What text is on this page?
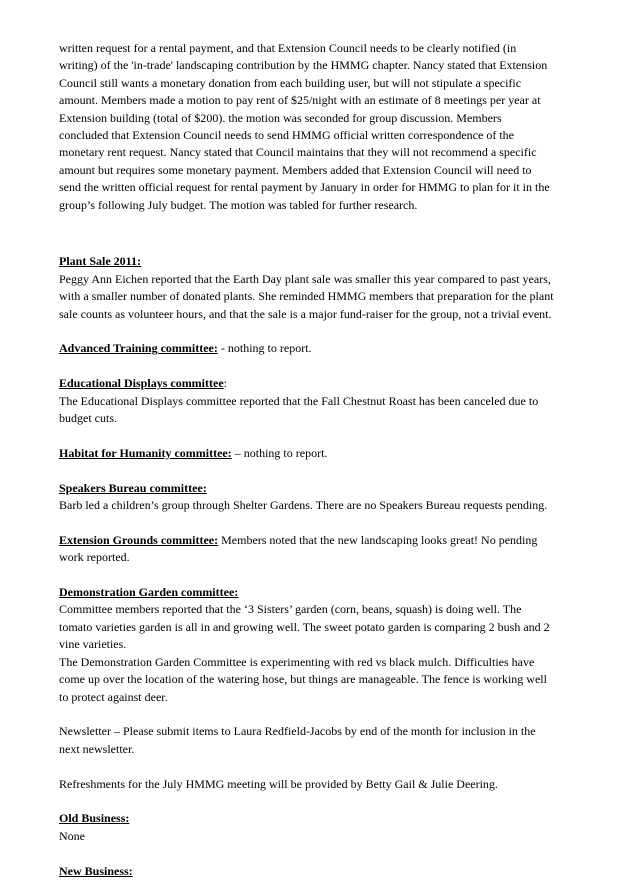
written request for a rental payment, and that Extension Council needs to be clearly notified (in

writing) of the 'in-trade' landscaping contribution by the HMMG chapter. Nancy stated that Extension

Council still wants a monetary donation from each building user, but will not stipulate a specific

amount. Members made a motion to pay rent of $25/night with an estimate of 8 meetings per year at

Extension building (total of $200). the motion was seconded for group discussion. Members

concluded that Extension Council needs to send HMMG official written correspondence of the

monetary rent request. Nancy stated that Council maintains that they will not recommend a specific

amount but requires some monetary payment. Members added that Extension Council will need to

send the written official request for rental payment by January in order for HMMG to plan for it in the

group’s following July budget. The motion was tabled for further research.

Plant Sale 2011:

Peggy Ann Eichen reported that the Earth Day plant sale was smaller this year compared to past years,

with a smaller number of donated plants. She reminded HMMG members that preparation for the plant

sale counts as volunteer hours, and that the sale is a major fund-raiser for the group, not a trivial event.

Advanced Training committee: - nothing to report.

Educational Displays committee:

The Educational Displays committee reported that the Fall Chestnut Roast has been canceled due to

budget cuts.

Habitat for Humanity committee: – nothing to report.

Speakers Bureau committee:

Barb led a children’s group through Shelter Gardens. There are no Speakers Bureau requests pending.

Extension Grounds committee: Members noted that the new landscaping looks great! No pending

work reported.

Demonstration Garden committee:

Committee members reported that the ‘3 Sisters’ garden (corn, beans, squash) is doing well. The

tomato varieties garden is all in and growing well. The sweet potato garden is comparing 2 bush and 2

vine varieties.

The Demonstration Garden Committee is experimenting with red vs black mulch. Difficulties have

come up over the location of the watering hose, but things are manageable. The fence is working well

to protect against deer.

Newsletter – Please submit items to Laura Redfield-Jacobs by end of the month for inclusion in the

next newsletter.

Refreshments for the July HMMG meeting will be provided by Betty Gail & Julie Deering.

Old Business:

None

New Business:
